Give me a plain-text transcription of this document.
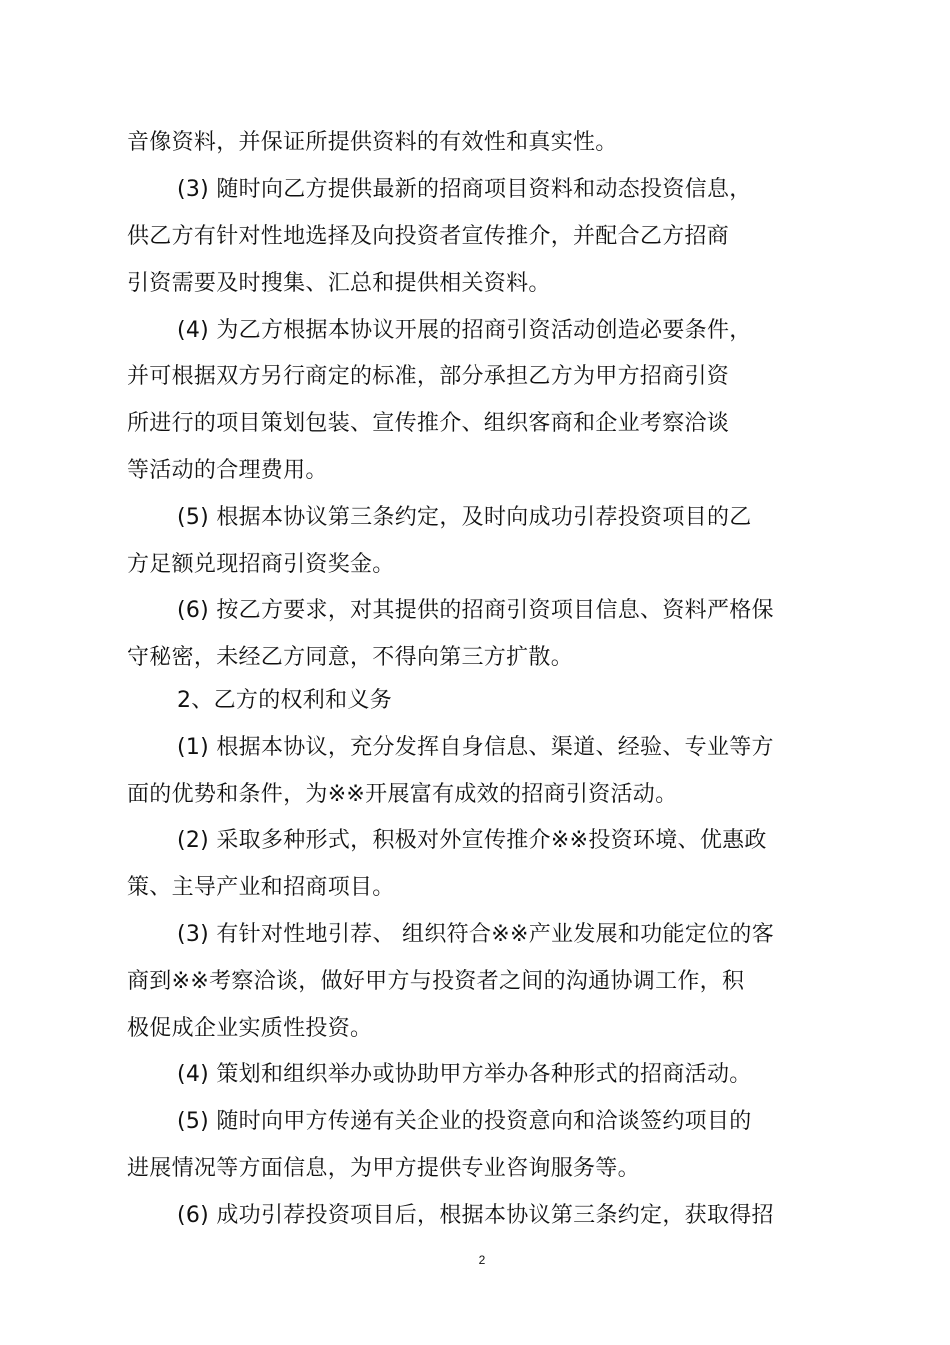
音像资料，并保证所提供资料的有效性和真实性。
(3) 随时向乙方提供最新的招商项目资料和动态投资信息，
供乙方有针对性地选择及向投资者宣传推介，并配合乙方招商
引资需要及时搜集、汇总和提供相关资料。
(4) 为乙方根据本协议开展的招商引资活动创造必要条件，
并可根据双方另行商定的标准，部分承担乙方为甲方招商引资
所进行的项目策划包装、宣传推介、组织客商和企业考察洽谈
等活动的合理费用。
(5) 根据本协议第三条约定，及时向成功引荐投资项目的乙
方足额兑现招商引资奖金。
(6) 按乙方要求，对其提供的招商引资项目信息、资料严格保
守秘密，未经乙方同意，不得向第三方扩散。
2、乙方的权利和义务
(1) 根据本协议，充分发挥自身信息、渠道、经验、专业等方
面的优势和条件，为※※开展富有成效的招商引资活动。
(2) 采取多种形式，积极对外宣传推介※※投资环境、优惠政
策、主导产业和招商项目。
(3) 有针对性地引荐、 组织符合※※产业发展和功能定位的客
商到※※考察洽谈，做好甲方与投资者之间的沟通协调工作，积
极促成企业实质性投资。
(4) 策划和组织举办或协助甲方举办各种形式的招商活动。
(5) 随时向甲方传递有关企业的投资意向和洽谈签约项目的
进展情况等方面信息，为甲方提供专业咨询服务等。
(6) 成功引荐投资项目后，根据本协议第三条约定，获取得招
2
